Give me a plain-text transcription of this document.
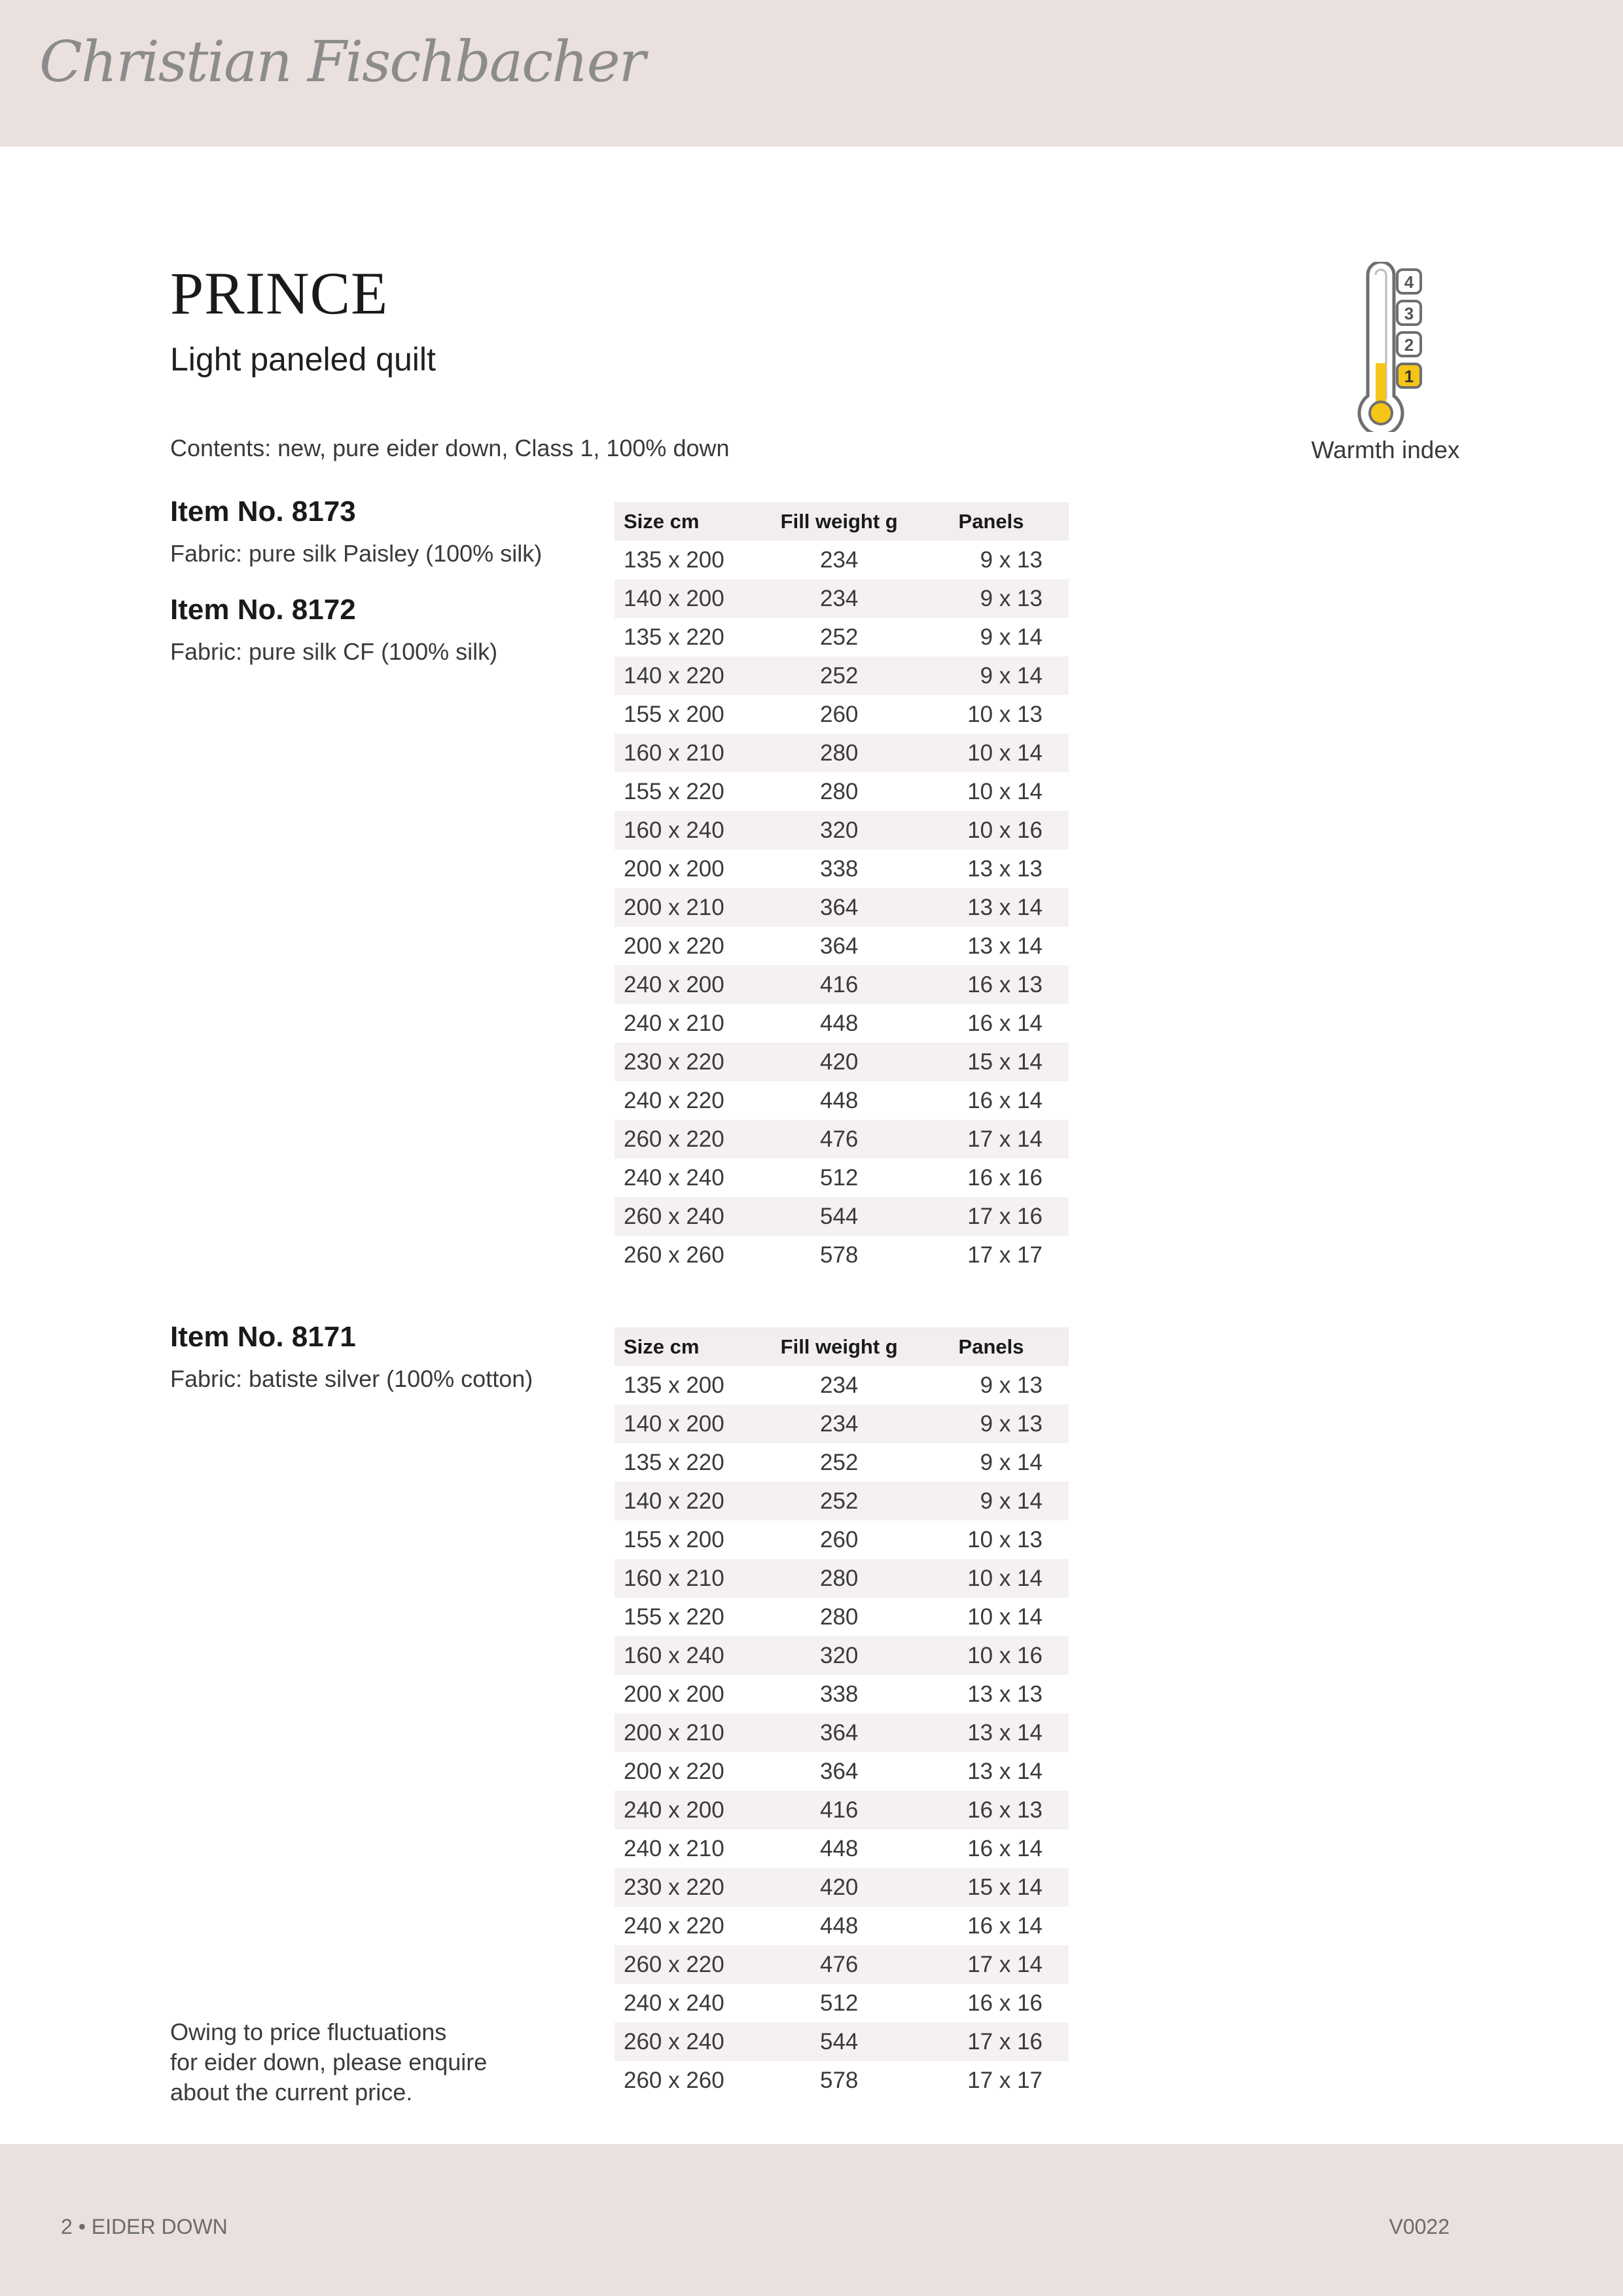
Christian Fischbacher
PRINCE
Light paneled quilt
Contents: new, pure eider down, Class 1, 100% down
4
3
2
1
Warmth index
Item No. 8173
Fabric: pure silk Paisley (100% silk)
Item No. 8172
Fabric: pure silk CF (100% silk)
Item No. 8171
Fabric: batiste silver (100% cotton)
Size cm	Fill weight g	Panels
135 x 200	234	9 x 13
140 x 200	234	9 x 13
135 x 220	252	9 x 14
140 x 220	252	9 x 14
155 x 200	260	10 x 13
160 x 210	280	10 x 14
155 x 220	280	10 x 14
160 x 240	320	10 x 16
200 x 200	338	13 x 13
200 x 210	364	13 x 14
200 x 220	364	13 x 14
240 x 200	416	16 x 13
240 x 210	448	16 x 14
230 x 220	420	15 x 14
240 x 220	448	16 x 14
260 x 220	476	17 x 14
240 x 240	512	16 x 16
260 x 240	544	17 x 16
260 x 260	578	17 x 17
Size cm	Fill weight g	Panels
135 x 200	234	9 x 13
140 x 200	234	9 x 13
135 x 220	252	9 x 14
140 x 220	252	9 x 14
155 x 200	260	10 x 13
160 x 210	280	10 x 14
155 x 220	280	10 x 14
160 x 240	320	10 x 16
200 x 200	338	13 x 13
200 x 210	364	13 x 14
200 x 220	364	13 x 14
240 x 200	416	16 x 13
240 x 210	448	16 x 14
230 x 220	420	15 x 14
240 x 220	448	16 x 14
260 x 220	476	17 x 14
240 x 240	512	16 x 16
260 x 240	544	17 x 16
260 x 260	578	17 x 17
Owing to price fluctuations
for eider down, please enquire
about the current price.
2 • EIDER DOWN	V0022
